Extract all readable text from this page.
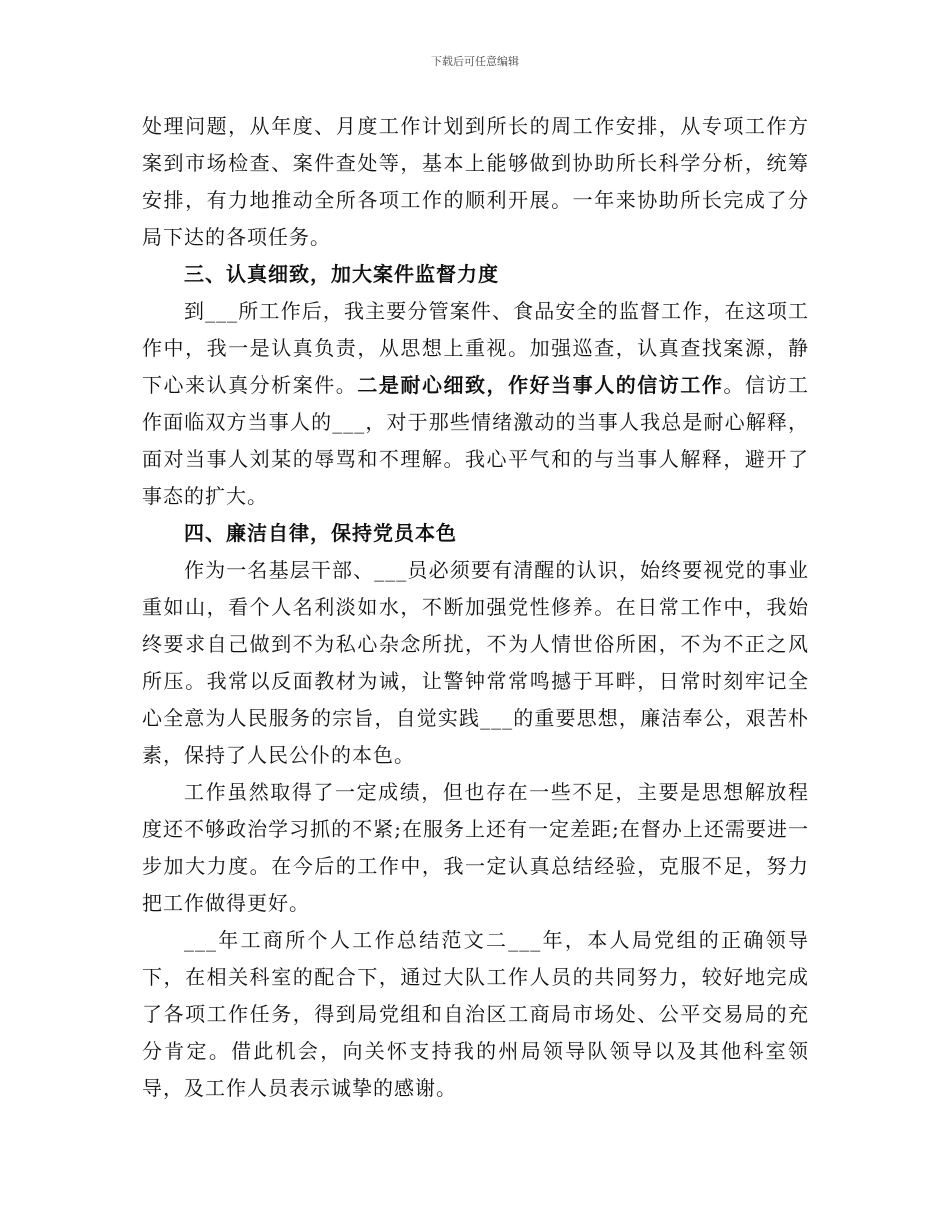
下载后可任意编辑

处理问题，从年度、月度工作计划到所长的周工作安排，从专项工作方案到市场检查、案件查处等，基本上能够做到协助所长科学分析，统筹安排，有力地推动全所各项工作的顺利开展。一年来协助所长完成了分局下达的各项任务。

三、认真细致，加大案件监督力度

到___所工作后，我主要分管案件、食品安全的监督工作，在这项工作中，我一是认真负责，从思想上重视。加强巡查，认真查找案源，静下心来认真分析案件。二是耐心细致，作好当事人的信访工作。信访工作面临双方当事人的___，对于那些情绪激动的当事人我总是耐心解释，面对当事人刘某的辱骂和不理解。我心平气和的与当事人解释，避开了事态的扩大。

四、廉洁自律，保持党员本色

作为一名基层干部、___员必须要有清醒的认识，始终要视党的事业重如山，看个人名利淡如水，不断加强党性修养。在日常工作中，我始终要求自己做到不为私心杂念所扰，不为人情世俗所困，不为不正之风所压。我常以反面教材为诫，让警钟常常鸣撼于耳畔，日常时刻牢记全心全意为人民服务的宗旨，自觉实践___的重要思想，廉洁奉公，艰苦朴素，保持了人民公仆的本色。

工作虽然取得了一定成绩，但也存在一些不足，主要是思想解放程度还不够政治学习抓的不紧;在服务上还有一定差距;在督办上还需要进一步加大力度。在今后的工作中，我一定认真总结经验，克服不足，努力把工作做得更好。

___年工商所个人工作总结范文二___年，本人局党组的正确领导下，在相关科室的配合下，通过大队工作人员的共同努力，较好地完成了各项工作任务，得到局党组和自治区工商局市场处、公平交易局的充分肯定。借此机会，向关怀支持我的州局领导队领导以及其他科室领导，及工作人员表示诚挚的感谢。
